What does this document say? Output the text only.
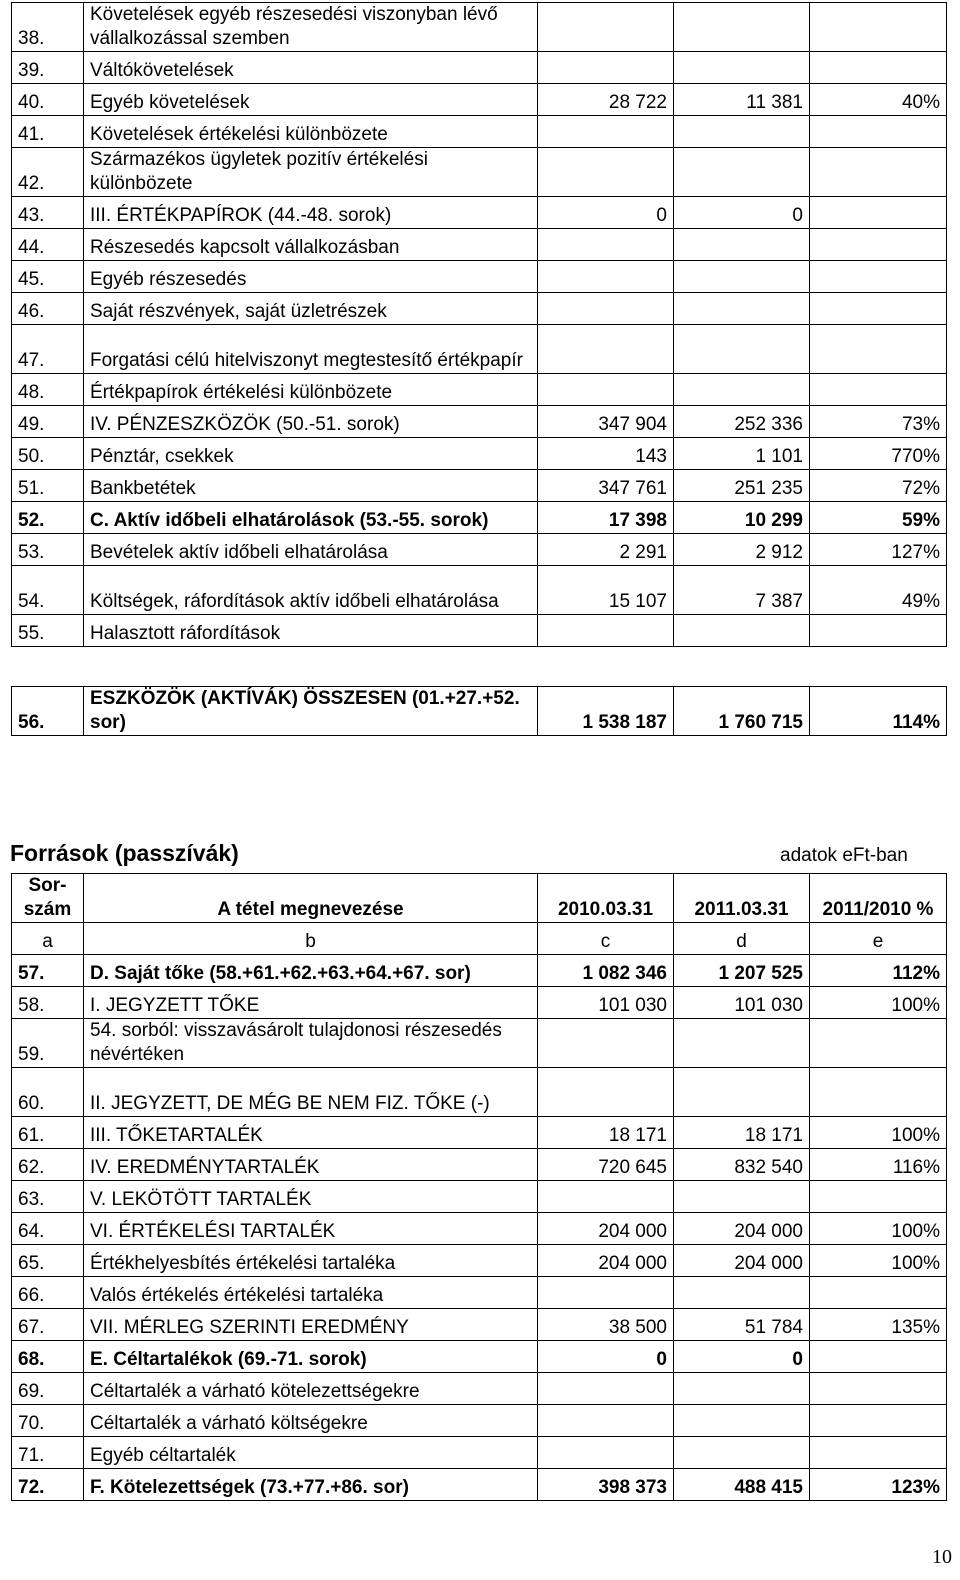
38.	Követelések egyéb részesedési viszonyban lévő vállalkozással szemben			
39.	Váltókövetelések			
40.	Egyéb követelések	28 722	11 381	40%
41.	Követelések értékelési különbözete			
42.	Származékos ügyletek pozitív értékelési különbözete			
43.	III. ÉRTÉKPAPÍROK (44.-48. sorok)	0	0	
44.	Részesedés kapcsolt vállalkozásban			
45.	Egyéb részesedés			
46.	Saját részvények, saját üzletrészek			
47.	Forgatási célú hitelviszonyt megtestesítő értékpapír			
48.	Értékpapírok értékelési különbözete			
49.	IV. PÉNZESZKÖZÖK (50.-51. sorok)	347 904	252 336	73%
50.	Pénztár, csekkek	143	1 101	770%
51.	Bankbetétek	347 761	251 235	72%
52.	C. Aktív időbeli elhatárolások (53.-55. sorok)	17 398	10 299	59%
53.	Bevételek aktív időbeli elhatárolása	2 291	2 912	127%
54.	Költségek, ráfordítások aktív időbeli elhatárolása	15 107	7 387	49%
55.	Halasztott ráfordítások			
56.	ESZKÖZÖK (AKTÍVÁK) ÖSSZESEN (01.+27.+52. sor)	1 538 187	1 760 715	114%
Források (passzívák)	adatok eFt-ban
Sor-szám	A tétel megnevezése	2010.03.31	2011.03.31	2011/2010 %
a	b	c	d	e
57.	D. Saját tőke (58.+61.+62.+63.+64.+67. sor)	1 082 346	1 207 525	112%
58.	I. JEGYZETT TŐKE	101 030	101 030	100%
59.	54. sorból: visszavásárolt tulajdonosi részesedés névértéken			
60.	II. JEGYZETT, DE MÉG BE NEM FIZ. TŐKE (-)			
61.	III. TŐKETARTALÉK	18 171	18 171	100%
62.	IV. EREDMÉNYTARTALÉK	720 645	832 540	116%
63.	V. LEKÖTÖTT TARTALÉK			
64.	VI. ÉRTÉKELÉSI TARTALÉK	204 000	204 000	100%
65.	Értékhelyesbítés értékelési tartaléka	204 000	204 000	100%
66.	Valós értékelés értékelési tartaléka			
67.	VII. MÉRLEG SZERINTI EREDMÉNY	38 500	51 784	135%
68.	E. Céltartalékok (69.-71. sorok)	0	0	
69.	Céltartalék a várható kötelezettségekre			
70.	Céltartalék a várható költségekre			
71.	Egyéb céltartalék			
72.	F. Kötelezettségek (73.+77.+86. sor)	398 373	488 415	123%
10
